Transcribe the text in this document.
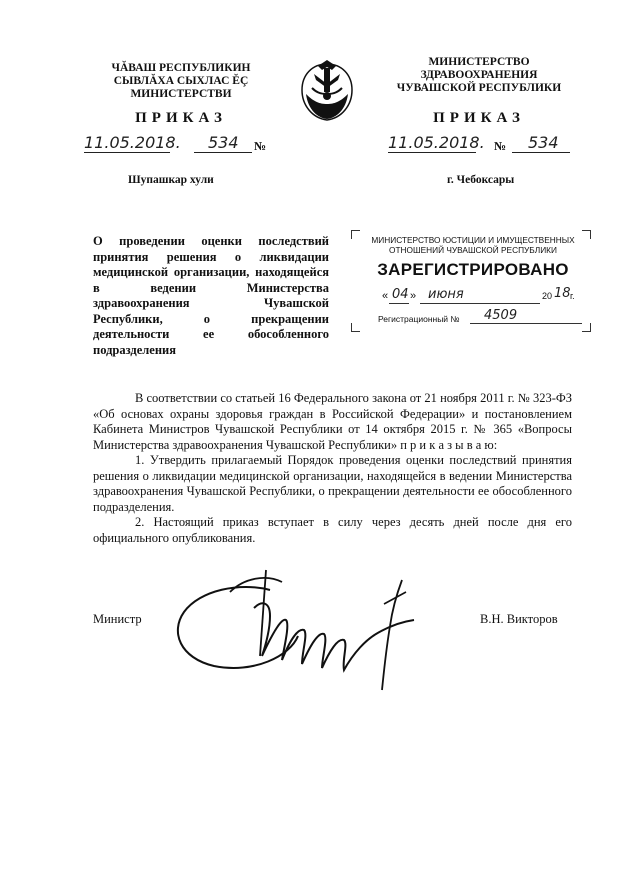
ЧĂВАШ РЕСПУБЛИКИН
СЫВЛĂХА СЫХЛАС ĔÇ
МИНИСТЕРСТВИ
ПРИКАЗ
11.05.2018. 534 №
Шупашкар хули
МИНИСТЕРСТВО
ЗДРАВООХРАНЕНИЯ
ЧУВАШСКОЙ РЕСПУБЛИКИ
ПРИКАЗ
11.05.2018. № 534
г. Чебоксары
О проведении оценки последствий принятия решения о ликвидации медицинской организации, находящейся в ведении Министерства здравоохранения Чувашской Республики, о прекращении деятельности ее обособленного подразделения
МИНИСТЕРСТВО ЮСТИЦИИ И ИМУЩЕСТВЕННЫХ
ОТНОШЕНИЙ ЧУВАШСКОЙ РЕСПУБЛИКИ
ЗАРЕГИСТРИРОВАНО
« 04 » июня	20 18 г.
Регистрационный № 4509

В соответствии со статьей 16 Федерального закона от 21 ноября 2011 г. № 323-ФЗ «Об основах охраны здоровья граждан в Российской Федерации» и постановлением Кабинета Министров Чувашской Республики от 14 октября 2015 г. № 365 «Вопросы Министерства здравоохранения Чувашской Республики» п р и к а з ы в а ю:

1. Утвердить прилагаемый Порядок проведения оценки последствий принятия решения о ликвидации медицинской организации, находящейся в ведении Министерства здравоохранения Чувашской Республики, о прекращении деятельности ее обособленного подразделения.

2. Настоящий приказ вступает в силу через десять дней после дня его официального опубликования.

Министр	В.Н. Викторов
